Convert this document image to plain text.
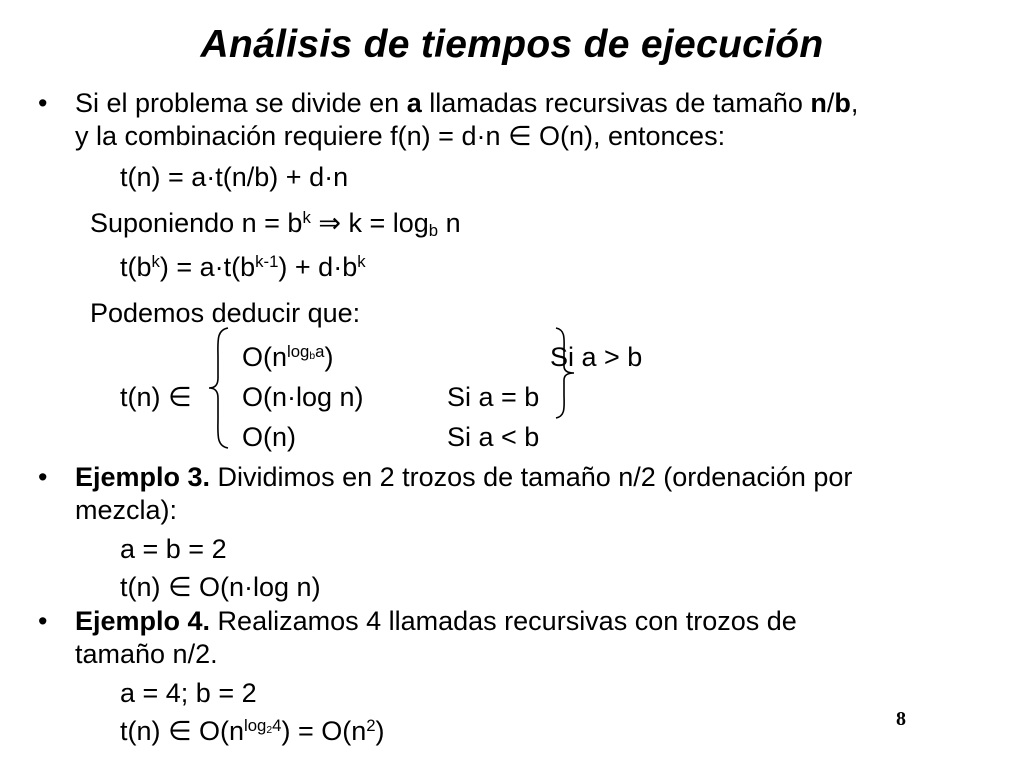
Análisis de tiempos de ejecución
• Si el problema se divide en a llamadas recursivas de tamaño n/b,
y la combinación requiere f(n) = d·n ∈ O(n), entonces:
t(n) = a·t(n/b) + d·n
Suponiendo $n = b^k$ ⇒ $k = \log_b n$
$t(b^k) = a\cdot t(b^{k-1}) + d\cdot b^k$
Podemos deducir que:
$O(n^{log_ba})$	Si a > b
t(n) ∈ O(n·log n)	Si a = b
O(n)	Si a < b
• Ejemplo 3. Dividimos en 2 trozos de tamaño n/2 (ordenación por
mezcla):
a = b = 2
t(n) ∈ O(n·log n)
• Ejemplo 4. Realizamos 4 llamadas recursivas con trozos de
tamaño n/2.
a = 4; b = 2
t(n) ∈ $O(n^{log_24}) = O(n^2)$	8
